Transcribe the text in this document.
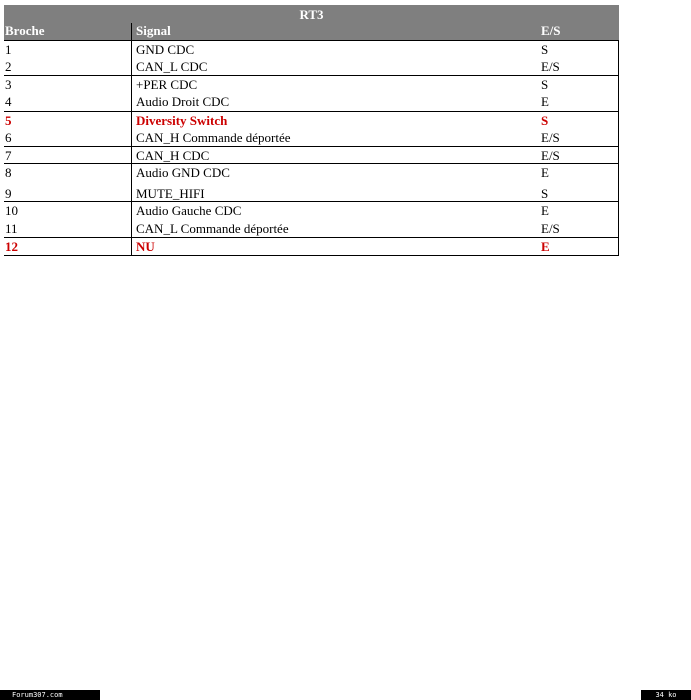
RT3
Broche	Signal	E/S
1	GND CDC	S
2	CAN_L CDC	E/S
3	+PER CDC	S
4	Audio Droit CDC	E
5	Diversity Switch	S
6	CAN_H Commande déportée	E/S
7	CAN_H CDC	E/S
8	Audio GND CDC	E
9	MUTE_HIFI	S
10	Audio Gauche CDC	E
11	CAN_L Commande déportée	E/S
12	NU	E
Forum307.com	34 ko
